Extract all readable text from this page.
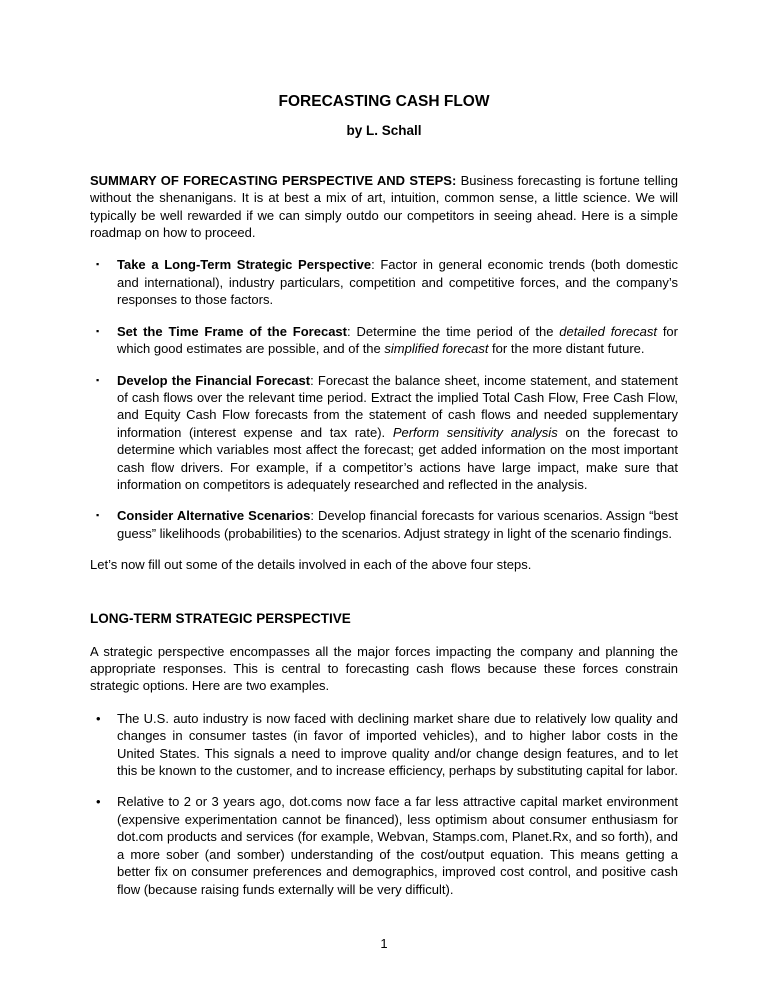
FORECASTING CASH FLOW
by L. Schall

SUMMARY OF FORECASTING PERSPECTIVE AND STEPS: Business forecasting is fortune telling without the shenanigans. It is at best a mix of art, intuition, common sense, a little science. We will typically be well rewarded if we can simply outdo our competitors in seeing ahead. Here is a simple roadmap on how to proceed.

▪	Take a Long-Term Strategic Perspective: Factor in general economic trends (both domestic and international), industry particulars, competition and competitive forces, and the company’s responses to those factors.
▪	Set the Time Frame of the Forecast: Determine the time period of the detailed forecast for which good estimates are possible, and of the simplified forecast for the more distant future.
▪	Develop the Financial Forecast: Forecast the balance sheet, income statement, and statement of cash flows over the relevant time period. Extract the implied Total Cash Flow, Free Cash Flow, and Equity Cash Flow forecasts from the statement of cash flows and needed supplementary information (interest expense and tax rate). Perform sensitivity analysis on the forecast to determine which variables most affect the forecast; get added information on the most important cash flow drivers. For example, if a competitor’s actions have large impact, make sure that information on competitors is adequately researched and reflected in the analysis.
▪	Consider Alternative Scenarios: Develop financial forecasts for various scenarios. Assign “best guess” likelihoods (probabilities) to the scenarios. Adjust strategy in light of the scenario findings.

Let’s now fill out some of the details involved in each of the above four steps.

LONG-TERM STRATEGIC PERSPECTIVE

A strategic perspective encompasses all the major forces impacting the company and planning the appropriate responses. This is central to forecasting cash flows because these forces constrain strategic options. Here are two examples.

•	The U.S. auto industry is now faced with declining market share due to relatively low quality and changes in consumer tastes (in favor of imported vehicles), and to higher labor costs in the United States. This signals a need to improve quality and/or change design features, and to let this be known to the customer, and to increase efficiency, perhaps by substituting capital for labor.
•	Relative to 2 or 3 years ago, dot.coms now face a far less attractive capital market environment (expensive experimentation cannot be financed), less optimism about consumer enthusiasm for dot.com products and services (for example, Webvan, Stamps.com, Planet.Rx, and so forth), and a more sober (and somber) understanding of the cost/output equation. This means getting a better fix on consumer preferences and demographics, improved cost control, and positive cash flow (because raising funds externally will be very difficult).
1
